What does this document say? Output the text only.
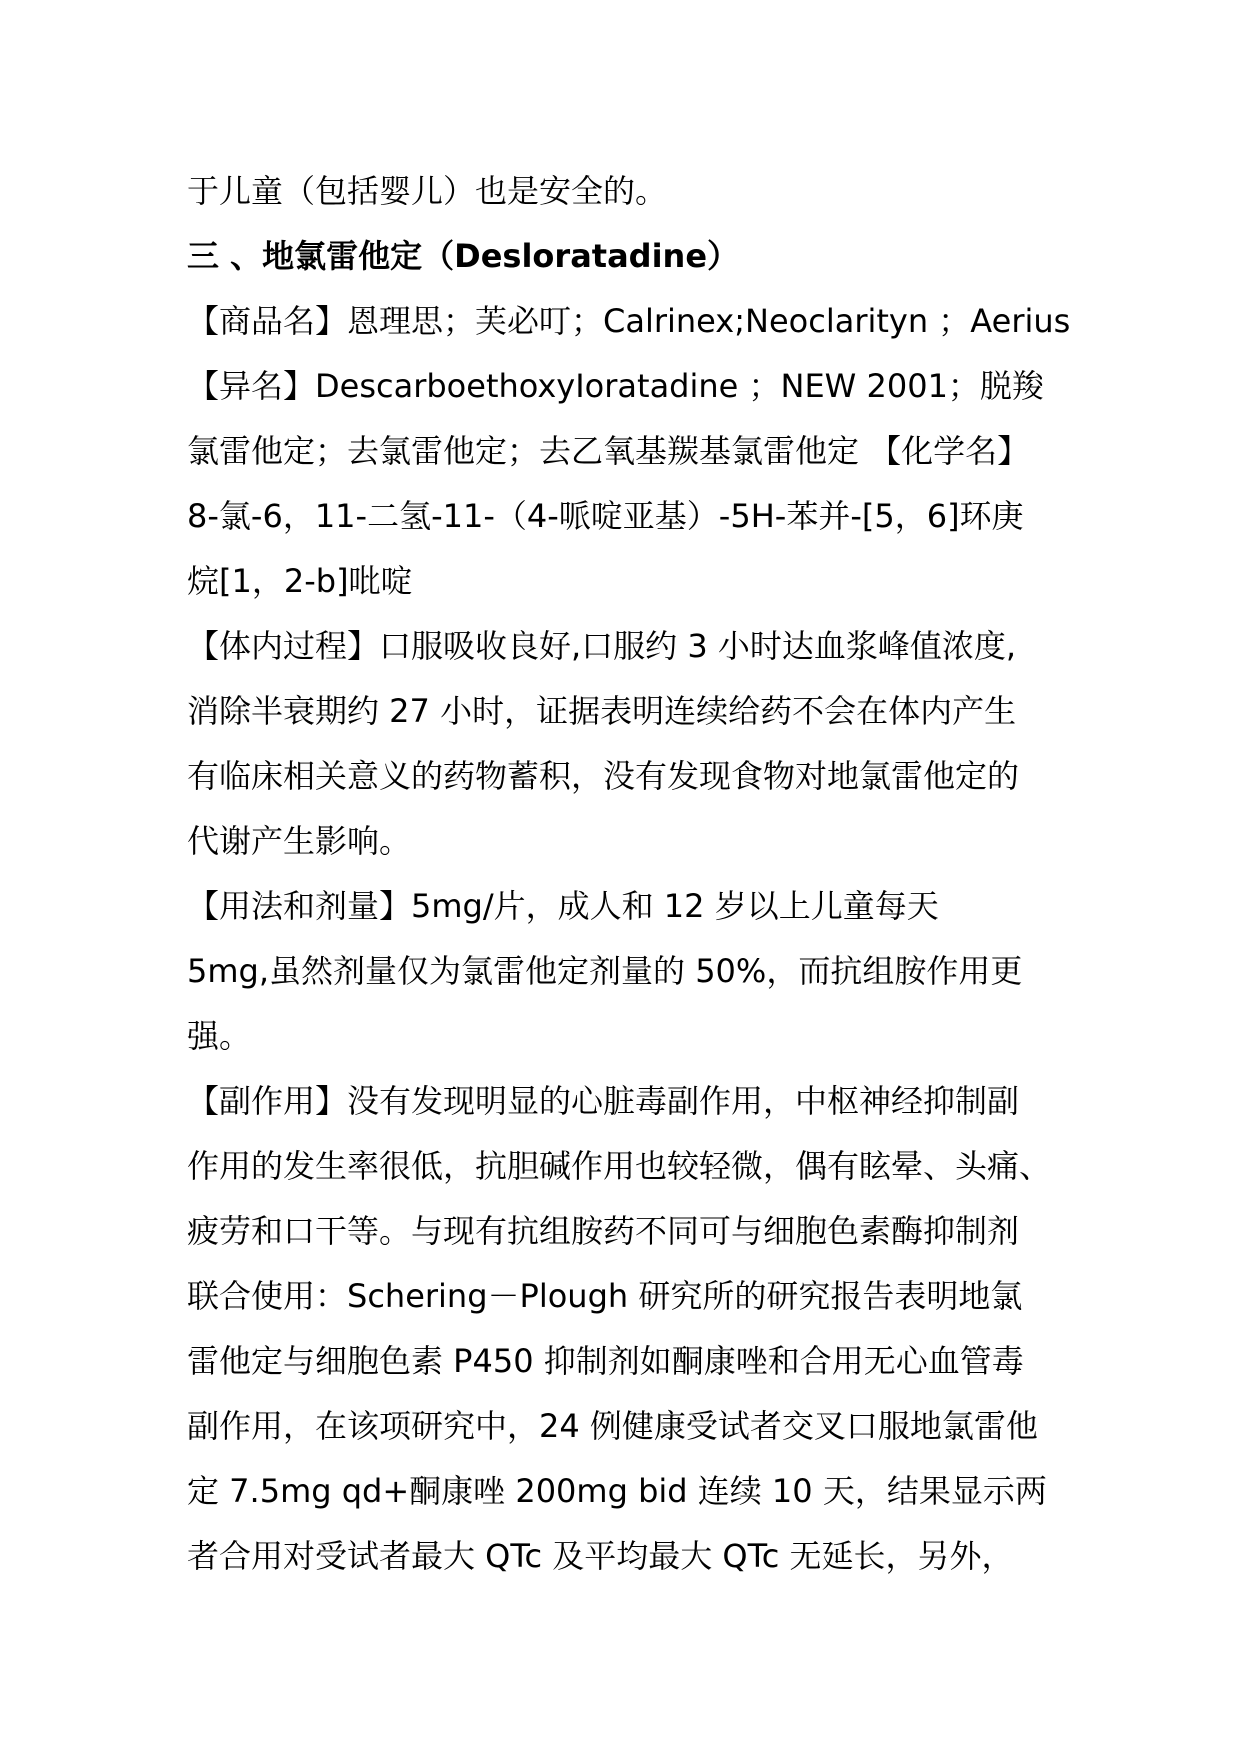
于儿童（包括婴儿）也是安全的。
三 、地氯雷他定（Desloratadine）
【商品名】恩理思；芙必叮；Calrinex;Neoclarityn ；Aerius
【异名】DescarboethoxyIoratadine ；NEW 2001；脱羧
氯雷他定；去氯雷他定；去乙氧基羰基氯雷他定 【化学名】
8-氯-6，11-二氢-11-（4-哌啶亚基）-5H-苯并-[5，6]环庚
烷[1，2-b]吡啶
【体内过程】口服吸收良好,口服约 3 小时达血浆峰值浓度,
消除半衰期约 27 小时，证据表明连续给药不会在体内产生
有临床相关意义的药物蓄积，没有发现食物对地氯雷他定的
代谢产生影响。
【用法和剂量】5mg/片，成人和 12 岁以上儿童每天
5mg,虽然剂量仅为氯雷他定剂量的 50%，而抗组胺作用更
强。
【副作用】没有发现明显的心脏毒副作用，中枢神经抑制副
作用的发生率很低，抗胆碱作用也较轻微，偶有眩晕、头痛、
疲劳和口干等。与现有抗组胺药不同可与细胞色素酶抑制剂
联合使用：Schering－Plough 研究所的研究报告表明地氯
雷他定与细胞色素 P450 抑制剂如酮康唑和合用无心血管毒
副作用，在该项研究中，24 例健康受试者交叉口服地氯雷他
定 7.5mg qd+酮康唑 200mg bid 连续 10 天，结果显示两
者合用对受试者最大 QTc 及平均最大 QTc 无延长，另外，
